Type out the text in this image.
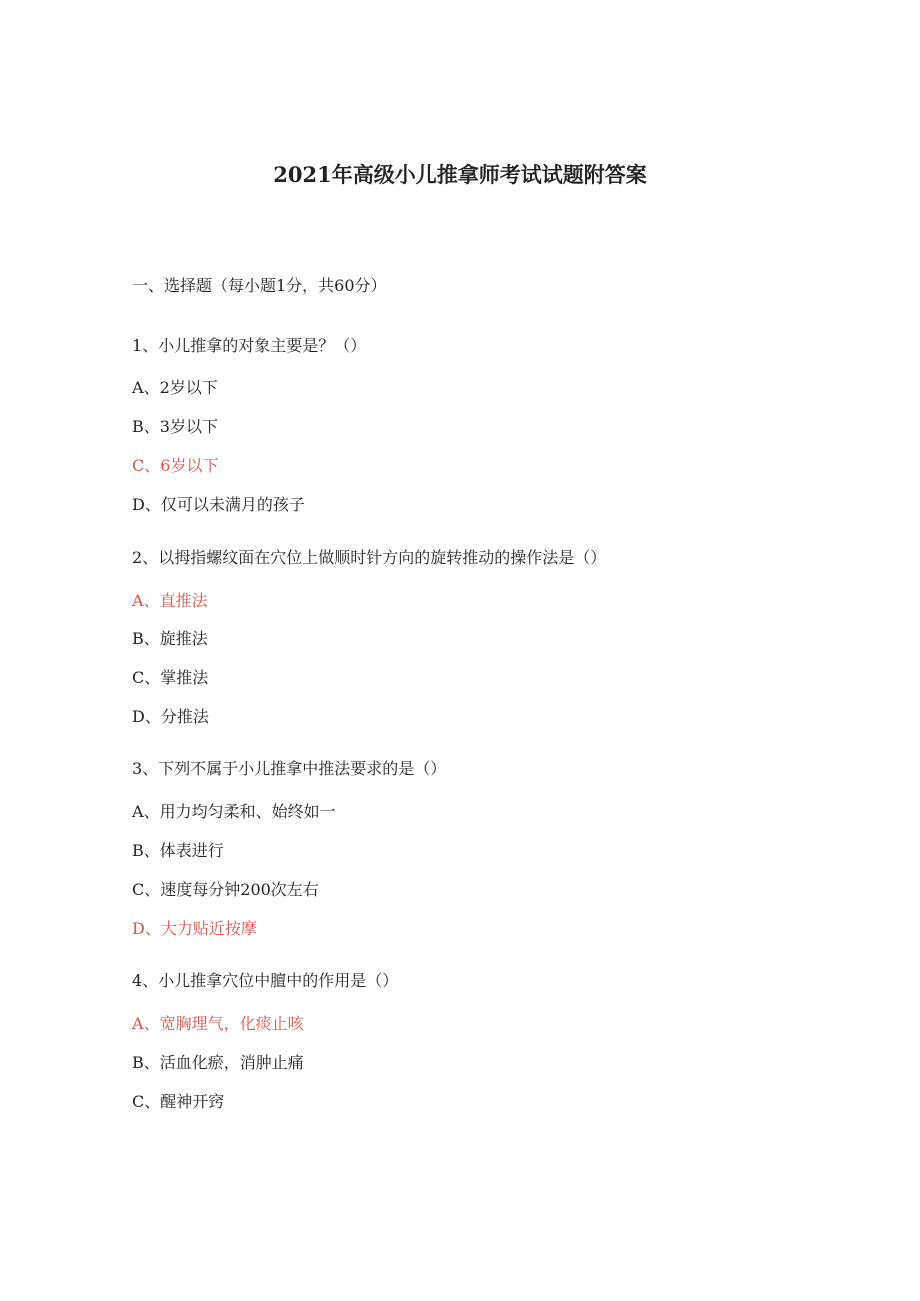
2021年高级小儿推拿师考试试题附答案

一、选择题（每小题1分，共60分）

1 、 小儿推拿的对象主要是？（）
A 、 2岁以下
B 、 3岁以下
C 、 6岁以下
D 、 仅可以未满月的孩子
2 、 以拇指螺纹面在穴位上做顺时针方向的旋转推动的操作法是（）
A 、 直推法
B 、 旋推法
C 、 掌推法
D 、 分推法
3 、 下列不属于小儿推拿中推法要求的是（）
A 、 用力均匀柔和、始终如一
B 、 体表进行
C 、 速度每分钟200次左右
D 、 大力贴近按摩
4 、 小儿推拿穴位中膻中的作用是（）
A 、 宽胸理气，化痰止咳
B 、 活血化瘀，消肿止痛
C 、 醒神开窍
